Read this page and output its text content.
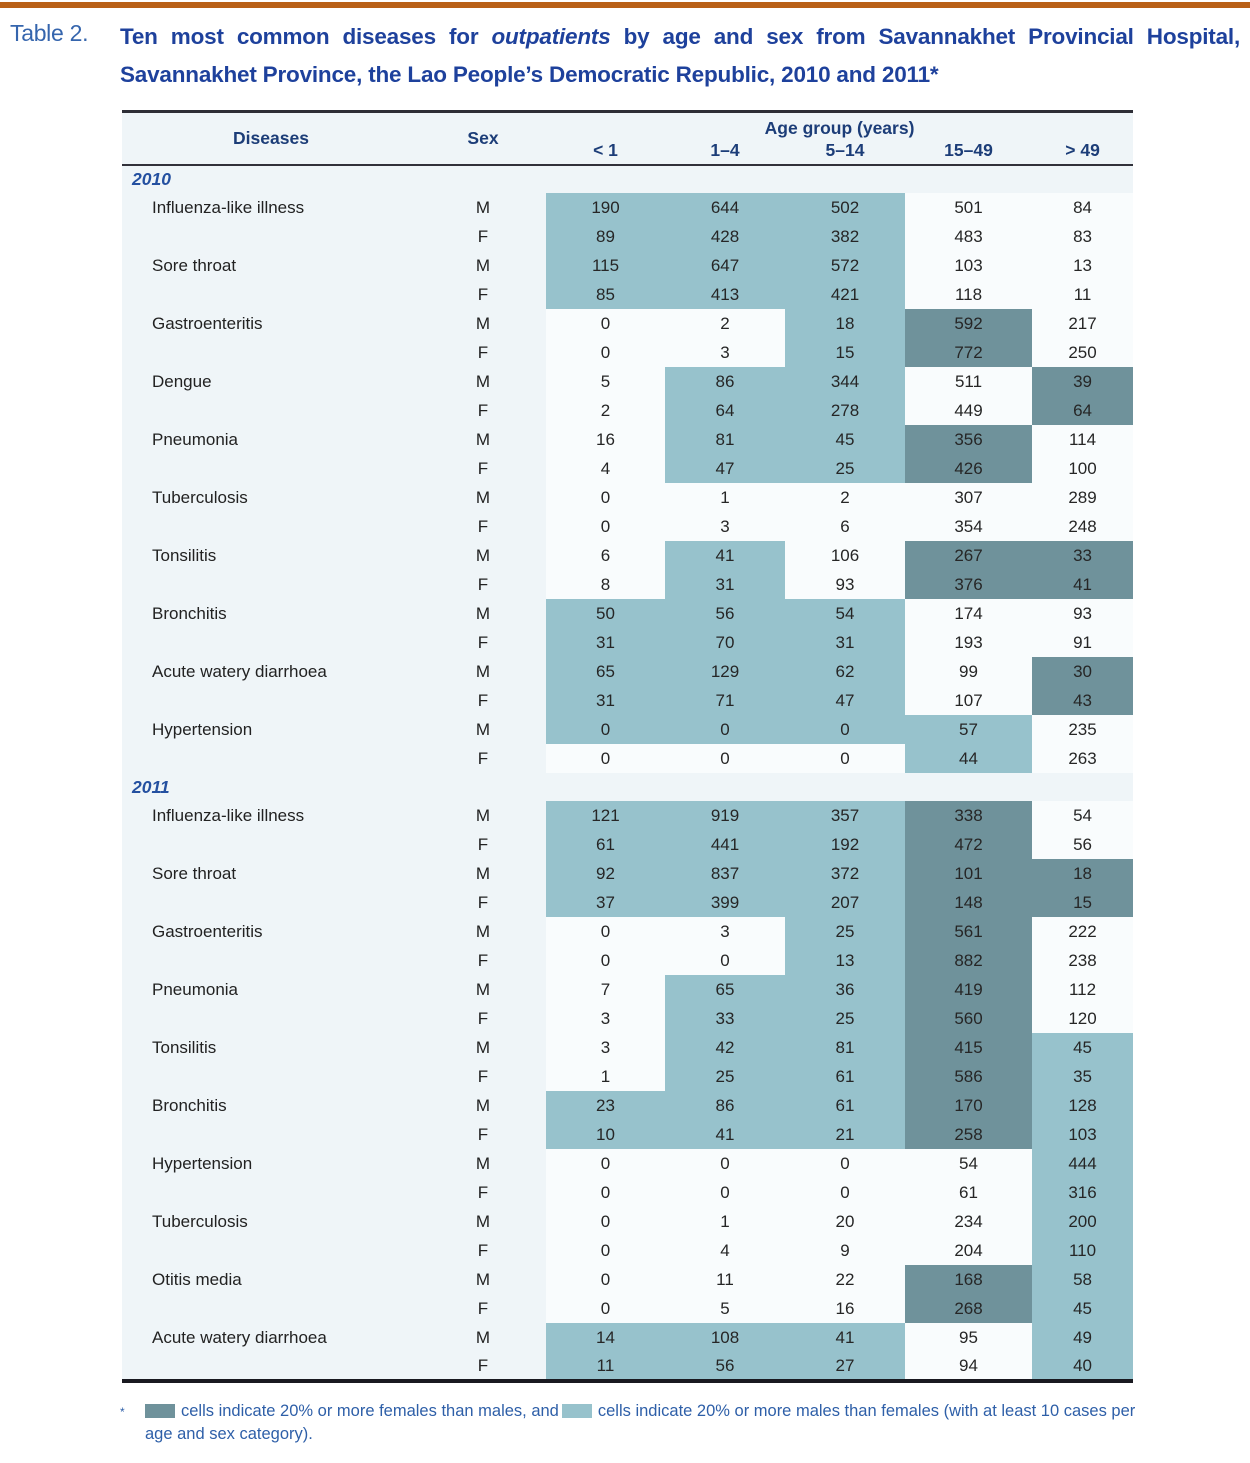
Table 2.	Ten most common diseases for outpatients by age and sex from Savannakhet Provincial Hospital, Savannakhet Province, the Lao People’s Democratic Republic, 2010 and 2011*
Diseases	Sex	Age group (years)				
		< 1	1–4	5–14	15–49	> 49
2010						
Influenza-like illness	M	190	644	502	501	84
	F	89	428	382	483	83
Sore throat	M	115	647	572	103	13
	F	85	413	421	118	11
Gastroenteritis	M	0	2	18	592	217
	F	0	3	15	772	250
Dengue	M	5	86	344	511	39
	F	2	64	278	449	64
Pneumonia	M	16	81	45	356	114
	F	4	47	25	426	100
Tuberculosis	M	0	1	2	307	289
	F	0	3	6	354	248
Tonsilitis	M	6	41	106	267	33
	F	8	31	93	376	41
Bronchitis	M	50	56	54	174	93
	F	31	70	31	193	91
Acute watery diarrhoea	M	65	129	62	99	30
	F	31	71	47	107	43
Hypertension	M	0	0	0	57	235
	F	0	0	0	44	263
2011						
Influenza-like illness	M	121	919	357	338	54
	F	61	441	192	472	56
Sore throat	M	92	837	372	101	18
	F	37	399	207	148	15
Gastroenteritis	M	0	3	25	561	222
	F	0	0	13	882	238
Pneumonia	M	7	65	36	419	112
	F	3	33	25	560	120
Tonsilitis	M	3	42	81	415	45
	F	1	25	61	586	35
Bronchitis	M	23	86	61	170	128
	F	10	41	21	258	103
Hypertension	M	0	0	0	54	444
	F	0	0	0	61	316
Tuberculosis	M	0	1	20	234	200
	F	0	4	9	204	110
Otitis media	M	0	11	22	168	58
	F	0	5	16	268	45
Acute watery diarrhoea	M	14	108	41	95	49
	F	11	56	27	94	40
*	cells indicate 20% or more females than males, and cells indicate 20% or more males than females (with at least 10 cases per age and sex category).
